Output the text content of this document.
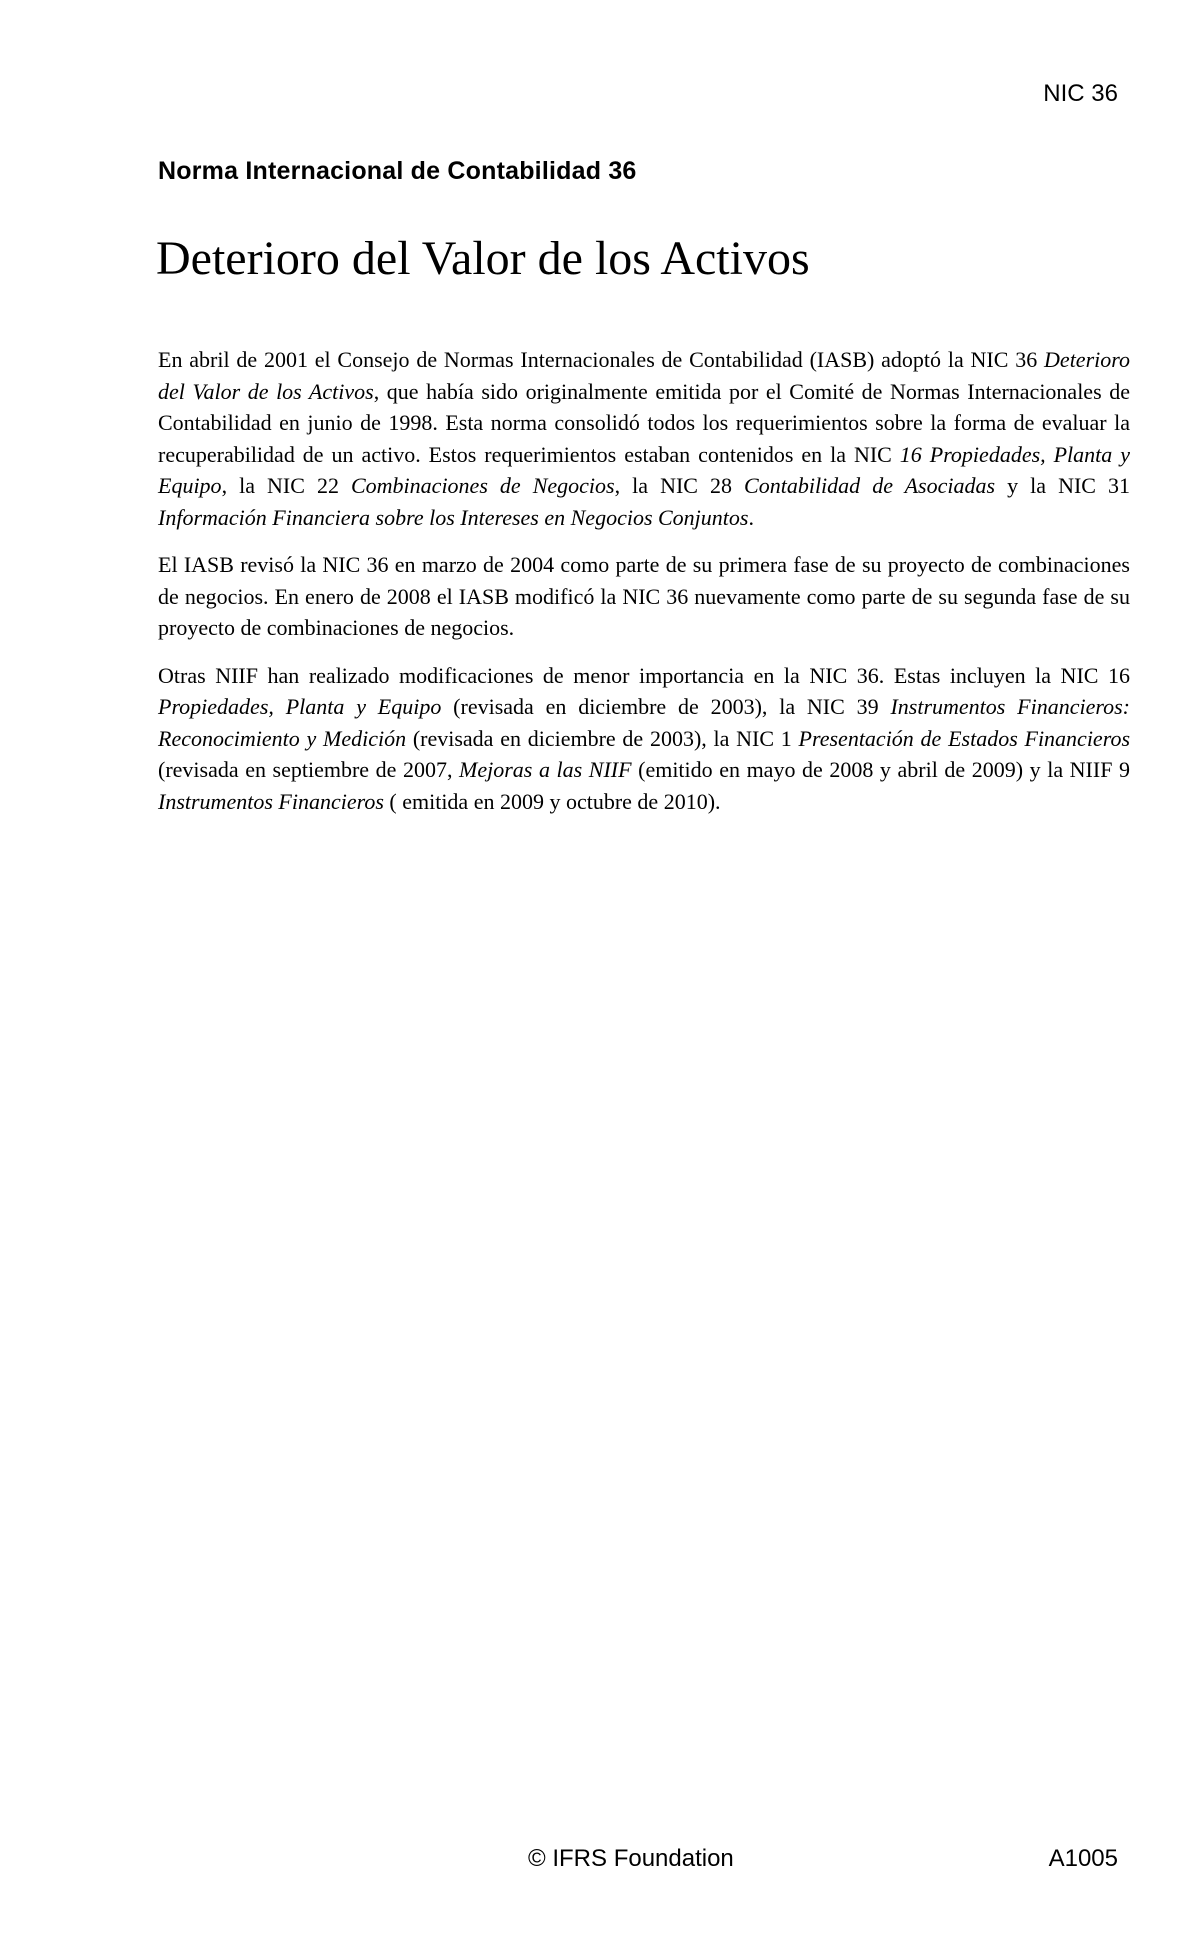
NIC 36
Norma Internacional de Contabilidad 36
Deterioro del Valor de los Activos

En abril de 2001 el Consejo de Normas Internacionales de Contabilidad (IASB) adoptó la NIC 36 Deterioro del Valor de los Activos, que había sido originalmente emitida por el Comité de Normas Internacionales de Contabilidad en junio de 1998. Esta norma consolidó todos los requerimientos sobre la forma de evaluar la recuperabilidad de un activo. Estos requerimientos estaban contenidos en la NIC 16 Propiedades, Planta y Equipo, la NIC 22 Combinaciones de Negocios, la NIC 28 Contabilidad de Asociadas y la NIC 31 Información Financiera sobre los Intereses en Negocios Conjuntos.

El IASB revisó la NIC 36 en marzo de 2004 como parte de su primera fase de su proyecto de combinaciones de negocios. En enero de 2008 el IASB modificó la NIC 36 nuevamente como parte de su segunda fase de su proyecto de combinaciones de negocios.

Otras NIIF han realizado modificaciones de menor importancia en la NIC 36. Estas incluyen la NIC 16 Propiedades, Planta y Equipo (revisada en diciembre de 2003), la NIC 39 Instrumentos Financieros: Reconocimiento y Medición (revisada en diciembre de 2003), la NIC 1 Presentación de Estados Financieros (revisada en septiembre de 2007, Mejoras a las NIIF (emitido en mayo de 2008 y abril de 2009) y la NIIF 9 Instrumentos Financieros ( emitida en 2009 y octubre de 2010).

© IFRS Foundation	A1005
